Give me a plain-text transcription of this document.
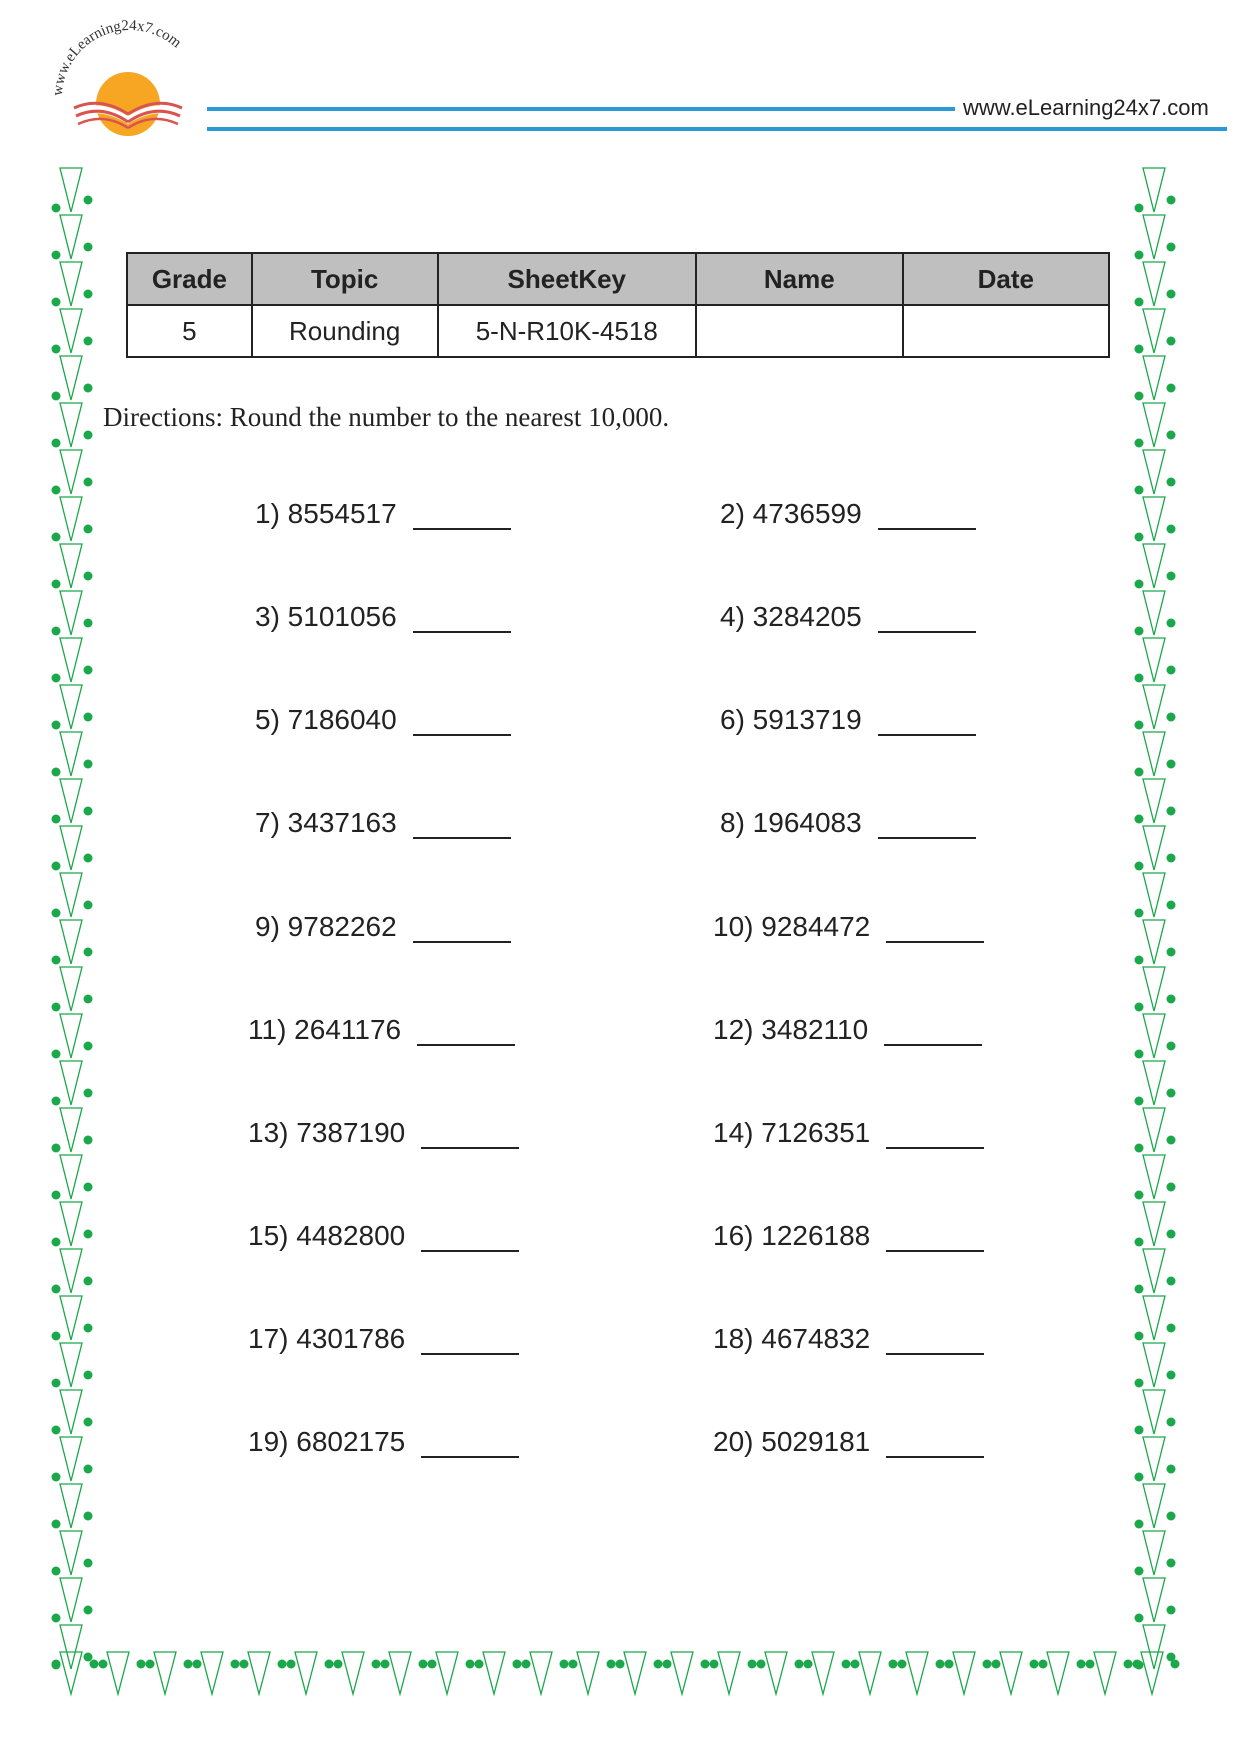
www.eLearning24x7.com
www.eLearning24x7.com
Grade	Topic	SheetKey	Name	Date
5	Rounding	5-N-R10K-4518		
Directions: Round the number to the nearest 10,000.
1) 8554517	2) 4736599
3) 5101056	4) 3284205
5) 7186040	6) 5913719
7) 3437163	8) 1964083
9) 9782262	10) 9284472
11) 2641176	12) 3482110
13) 7387190	14) 7126351
15) 4482800	16) 1226188
17) 4301786	18) 4674832
19) 6802175	20) 5029181
